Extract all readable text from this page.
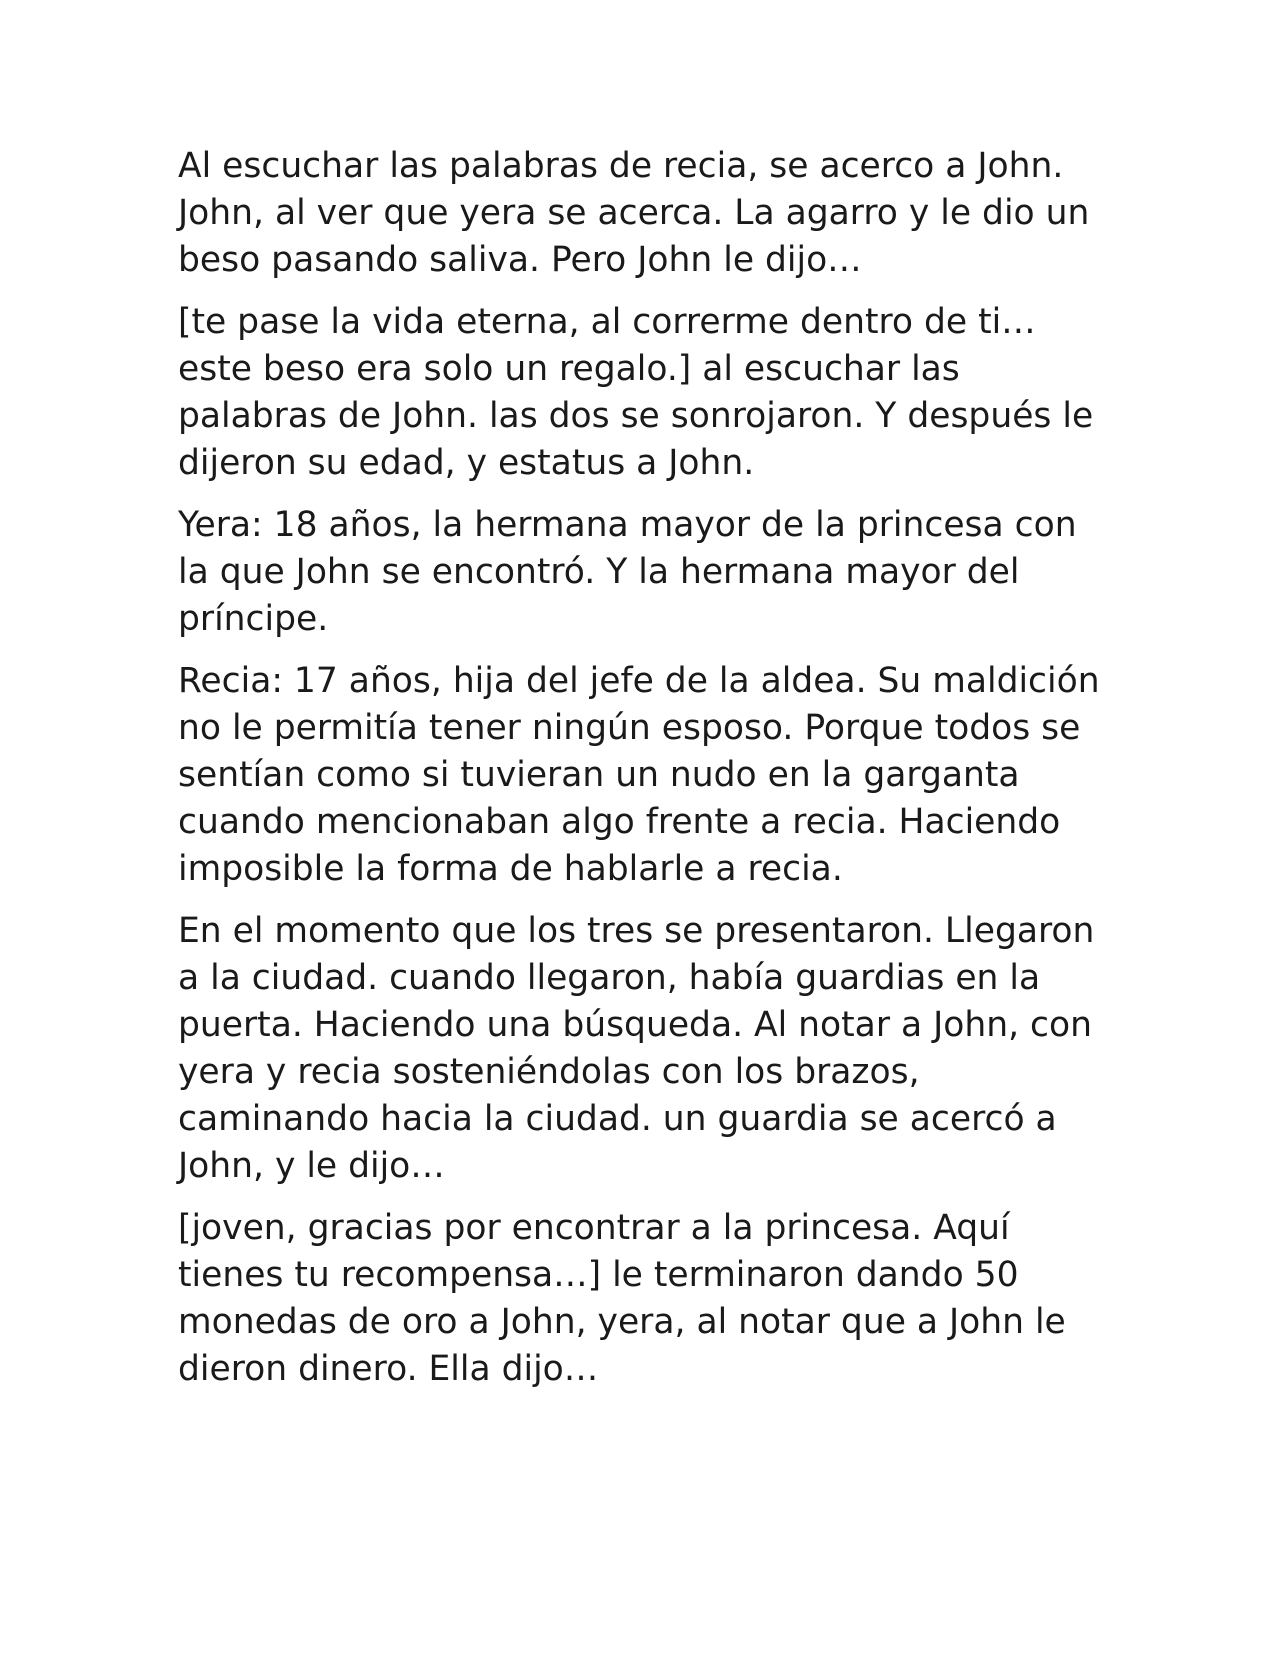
Al escuchar las palabras de recia, se acerco a John. John, al ver que yera se acerca. La agarro y le dio un beso pasando saliva. Pero John le dijo…

[te pase la vida eterna, al correrme dentro de ti… este beso era solo un regalo.] al escuchar las palabras de John. las dos se sonrojaron. Y después le dijeron su edad, y estatus a John.

Yera: 18 años, la hermana mayor de la princesa con la que John se encontró. Y la hermana mayor del príncipe.

Recia: 17 años, hija del jefe de la aldea. Su maldición no le permitía tener ningún esposo. Porque todos se sentían como si tuvieran un nudo en la garganta cuando mencionaban algo frente a recia. Haciendo imposible la forma de hablarle a recia.

En el momento que los tres se presentaron. Llegaron a la ciudad. cuando llegaron, había guardias en la puerta. Haciendo una búsqueda. Al notar a John, con yera y recia sosteniéndolas con los brazos, caminando hacia la ciudad. un guardia se acercó a John, y le dijo…

[joven, gracias por encontrar a la princesa. Aquí tienes tu recompensa…] le terminaron dando 50 monedas de oro a John, yera, al notar que a John le dieron dinero. Ella dijo…
